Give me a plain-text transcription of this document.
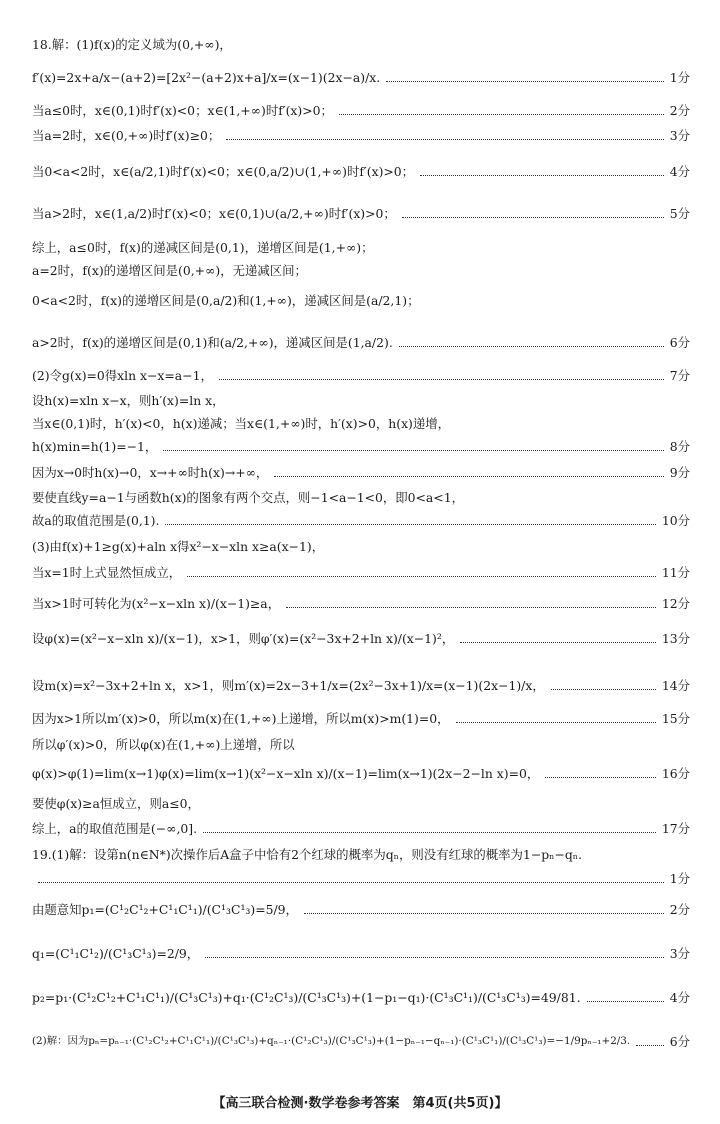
18.解：(1)f(x)的定义域为(0,+∞)，
f′(x)=2x+a/x−(a+2)=[2x²−(a+2)x+a]/x=(x−1)(2x−a)/x.	1分
当a≤0时，x∈(0,1)时f′(x)<0；x∈(1,+∞)时f′(x)>0；	2分
当a=2时，x∈(0,+∞)时f′(x)≥0；	3分
当0<a<2时，x∈(a/2,1)时f′(x)<0；x∈(0,a/2)∪(1,+∞)时f′(x)>0；	4分
当a>2时，x∈(1,a/2)时f′(x)<0；x∈(0,1)∪(a/2,+∞)时f′(x)>0；	5分
综上，a≤0时，f(x)的递减区间是(0,1)，递增区间是(1,+∞)；
a=2时，f(x)的递增区间是(0,+∞)，无递减区间；
0<a<2时，f(x)的递增区间是(0,a/2)和(1,+∞)，递减区间是(a/2,1)；
a>2时，f(x)的递增区间是(0,1)和(a/2,+∞)，递减区间是(1,a/2).	6分
(2)令g(x)=0得xln x−x=a−1，	7分
设h(x)=xln x−x，则h′(x)=ln x，
当x∈(0,1)时，h′(x)<0，h(x)递减；当x∈(1,+∞)时，h′(x)>0，h(x)递增，
h(x)min=h(1)=−1，	8分
因为x→0时h(x)→0，x→+∞时h(x)→+∞，	9分
要使直线y=a−1与函数h(x)的图象有两个交点，则−1<a−1<0，即0<a<1，
故a的取值范围是(0,1).	10分
(3)由f(x)+1≥g(x)+aln x得x²−x−xln x≥a(x−1)，
当x=1时上式显然恒成立，	11分
当x>1时可转化为(x²−x−xln x)/(x−1)≥a，	12分
设φ(x)=(x²−x−xln x)/(x−1)，x>1，则φ′(x)=(x²−3x+2+ln x)/(x−1)²，	13分
设m(x)=x²−3x+2+ln x，x>1，则m′(x)=2x−3+1/x=(2x²−3x+1)/x=(x−1)(2x−1)/x，	14分
因为x>1所以m′(x)>0，所以m(x)在(1,+∞)上递增，所以m(x)>m(1)=0，	15分
所以φ′(x)>0，所以φ(x)在(1,+∞)上递增，所以
φ(x)>φ(1)=lim(x→1)φ(x)=lim(x→1)(x²−x−xln x)/(x−1)=lim(x→1)(2x−2−ln x)=0，	16分
要使φ(x)≥a恒成立，则a≤0，
综上，a的取值范围是(−∞,0].	17分
19.(1)解：设第n(n∈N*)次操作后A盒子中恰有2个红球的概率为qₙ，则没有红球的概率为1−pₙ−qₙ.
1分
由题意知p₁=(C¹₂C¹₂+C¹₁C¹₁)/(C¹₃C¹₃)=5/9，	2分
q₁=(C¹₁C¹₂)/(C¹₃C¹₃)=2/9，	3分
p₂=p₁·(C¹₂C¹₂+C¹₁C¹₁)/(C¹₃C¹₃)+q₁·(C¹₂C¹₃)/(C¹₃C¹₃)+(1−p₁−q₁)·(C¹₃C¹₁)/(C¹₃C¹₃)=49/81.	4分
(2)解：因为pₙ=pₙ₋₁·(C¹₂C¹₂+C¹₁C¹₁)/(C¹₃C¹₃)+qₙ₋₁·(C¹₂C¹₃)/(C¹₃C¹₃)+(1−pₙ₋₁−qₙ₋₁)·(C¹₃C¹₁)/(C¹₃C¹₃)=−1/9pₙ₋₁+2/3.	6分
【高三联合检测·数学卷参考答案　第4页(共5页)】
